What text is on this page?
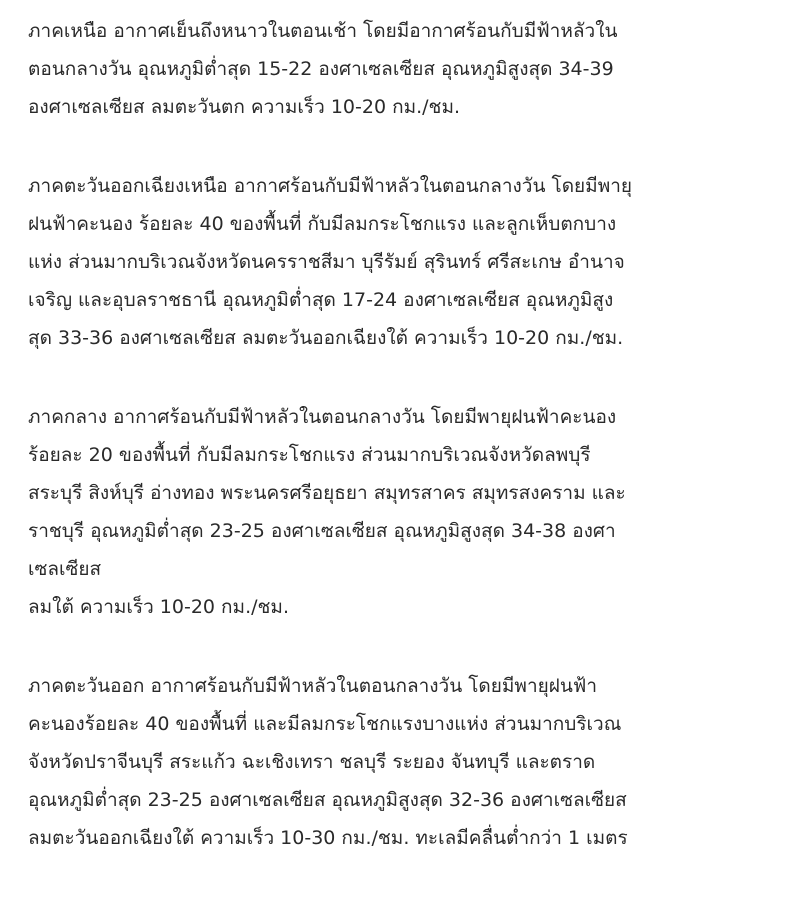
ภาคเหนือ อากาศเย็นถึงหนาวในตอนเช้า โดยมีอากาศร้อนกับมีฟ้าหลัวใน
ตอนกลางวัน อุณหภูมิต่ำสุด 15-22 องศาเซลเซียส อุณหภูมิสูงสุด 34-39
องศาเซลเซียส ลมตะวันตก ความเร็ว 10-20 กม./ชม.

ภาคตะวันออกเฉียงเหนือ อากาศร้อนกับมีฟ้าหลัวในตอนกลางวัน โดยมีพายุ
ฝนฟ้าคะนอง ร้อยละ 40 ของพื้นที่ กับมีลมกระโชกแรง และลูกเห็บตกบาง
แห่ง ส่วนมากบริเวณจังหวัดนครราชสีมา บุรีรัมย์ สุรินทร์ ศรีสะเกษ อำนาจ
เจริญ และอุบลราชธานี อุณหภูมิต่ำสุด 17-24 องศาเซลเซียส อุณหภูมิสูง
สุด 33-36 องศาเซลเซียส ลมตะวันออกเฉียงใต้ ความเร็ว 10-20 กม./ชม.

ภาคกลาง อากาศร้อนกับมีฟ้าหลัวในตอนกลางวัน โดยมีพายุฝนฟ้าคะนอง
ร้อยละ 20 ของพื้นที่ กับมีลมกระโชกแรง ส่วนมากบริเวณจังหวัดลพบุรี
สระบุรี สิงห์บุรี อ่างทอง พระนครศรีอยุธยา สมุทรสาคร สมุทรสงคราม และ
ราชบุรี อุณหภูมิต่ำสุด 23-25 องศาเซลเซียส อุณหภูมิสูงสุด 34-38 องศา
เซลเซียส
ลมใต้ ความเร็ว 10-20 กม./ชม.

ภาคตะวันออก อากาศร้อนกับมีฟ้าหลัวในตอนกลางวัน โดยมีพายุฝนฟ้า
คะนองร้อยละ 40 ของพื้นที่ และมีลมกระโชกแรงบางแห่ง ส่วนมากบริเวณ
จังหวัดปราจีนบุรี สระแก้ว ฉะเชิงเทรา ชลบุรี ระยอง จันทบุรี และตราด
อุณหภูมิต่ำสุด 23-25 องศาเซลเซียส อุณหภูมิสูงสุด 32-36 องศาเซลเซียส
ลมตะวันออกเฉียงใต้ ความเร็ว 10-30 กม./ชม. ทะเลมีคลื่นต่ำกว่า 1 เมตร
